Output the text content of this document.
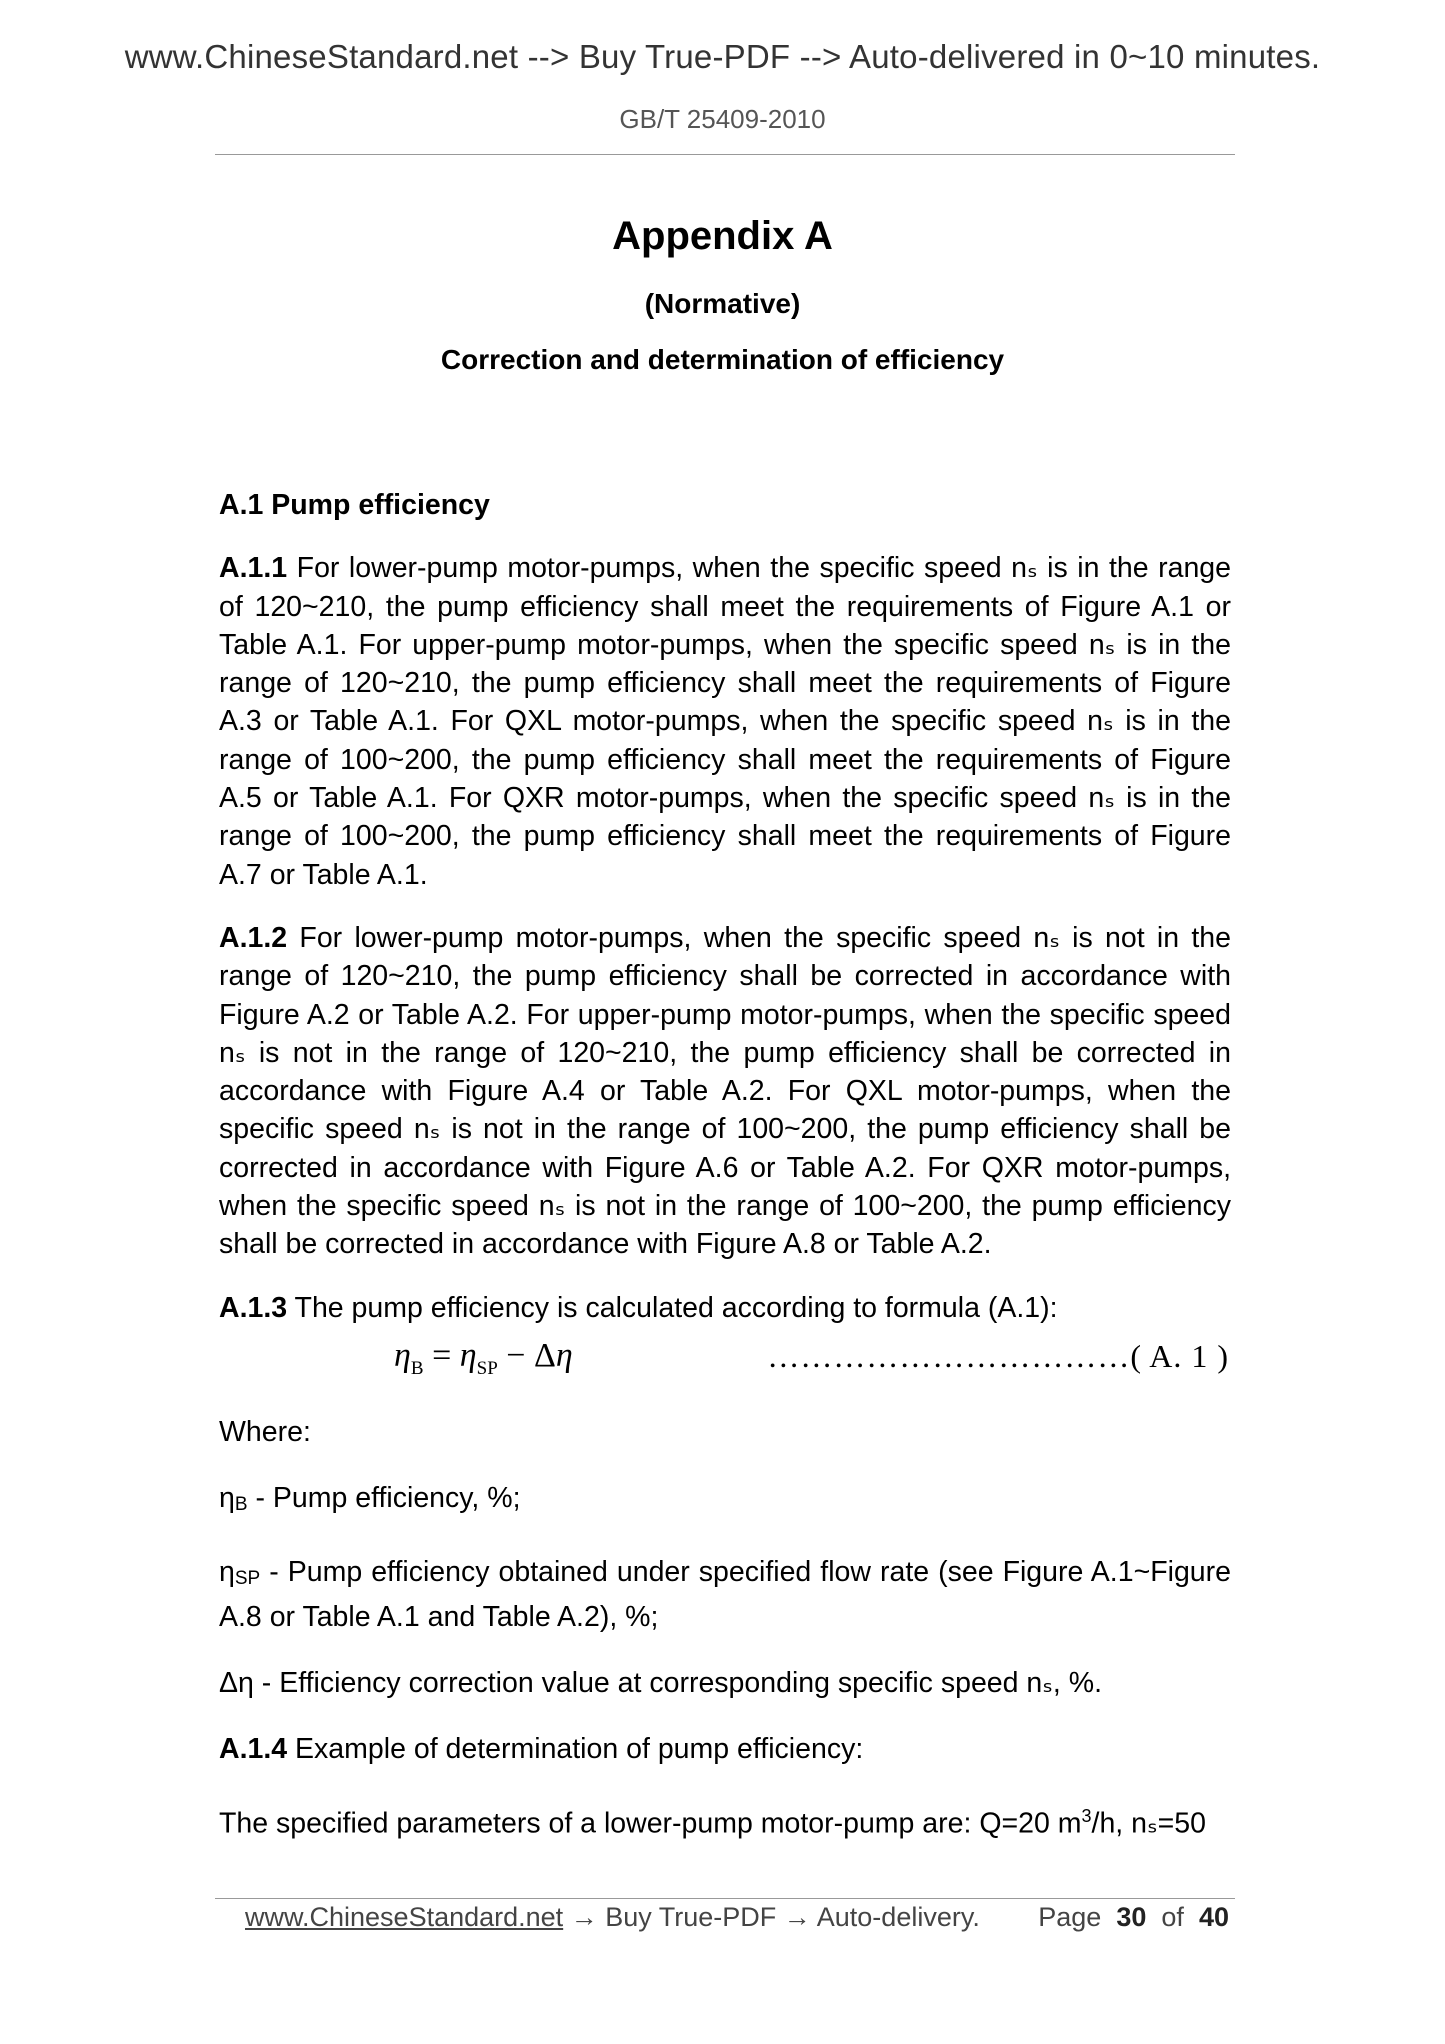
www.ChineseStandard.net --> Buy True-PDF --> Auto-delivered in 0~10 minutes.
GB/T 25409-2010
Appendix A
(Normative)
Correction and determination of efficiency

A.1 Pump efficiency

A.1.1 For lower-pump motor-pumps, when the specific speed nₛ is in the range of 120~210, the pump efficiency shall meet the requirements of Figure A.1 or Table A.1. For upper-pump motor-pumps, when the specific speed nₛ is in the range of 120~210, the pump efficiency shall meet the requirements of Figure A.3 or Table A.1. For QXL motor-pumps, when the specific speed nₛ is in the range of 100~200, the pump efficiency shall meet the requirements of Figure A.5 or Table A.1. For QXR motor-pumps, when the specific speed nₛ is in the range of 100~200, the pump efficiency shall meet the requirements of Figure A.7 or Table A.1.

A.1.2 For lower-pump motor-pumps, when the specific speed nₛ is not in the range of 120~210, the pump efficiency shall be corrected in accordance with Figure A.2 or Table A.2. For upper-pump motor-pumps, when the specific speed nₛ is not in the range of 120~210, the pump efficiency shall be corrected in accordance with Figure A.4 or Table A.2. For QXL motor-pumps, when the specific speed nₛ is not in the range of 100~200, the pump efficiency shall be corrected in accordance with Figure A.6 or Table A.2. For QXR motor-pumps, when the specific speed nₛ is not in the range of 100~200, the pump efficiency shall be corrected in accordance with Figure A.8 or Table A.2.

A.1.3 The pump efficiency is calculated according to formula (A.1):

$\eta_B = \eta_{SP} - \Delta\eta$	……………………………( A. 1 )

Where:

$\eta_B$ - Pump efficiency, %;

$\eta_{SP}$ - Pump efficiency obtained under specified flow rate (see Figure A.1~Figure A.8 or Table A.1 and Table A.2), %;

Δη - Efficiency correction value at corresponding specific speed nₛ, %.

A.1.4 Example of determination of pump efficiency:

The specified parameters of a lower-pump motor-pump are: Q=20 $m^3/h$, nₛ=50

www.ChineseStandard.net → Buy True-PDF → Auto-delivery. Page 30 of 40
